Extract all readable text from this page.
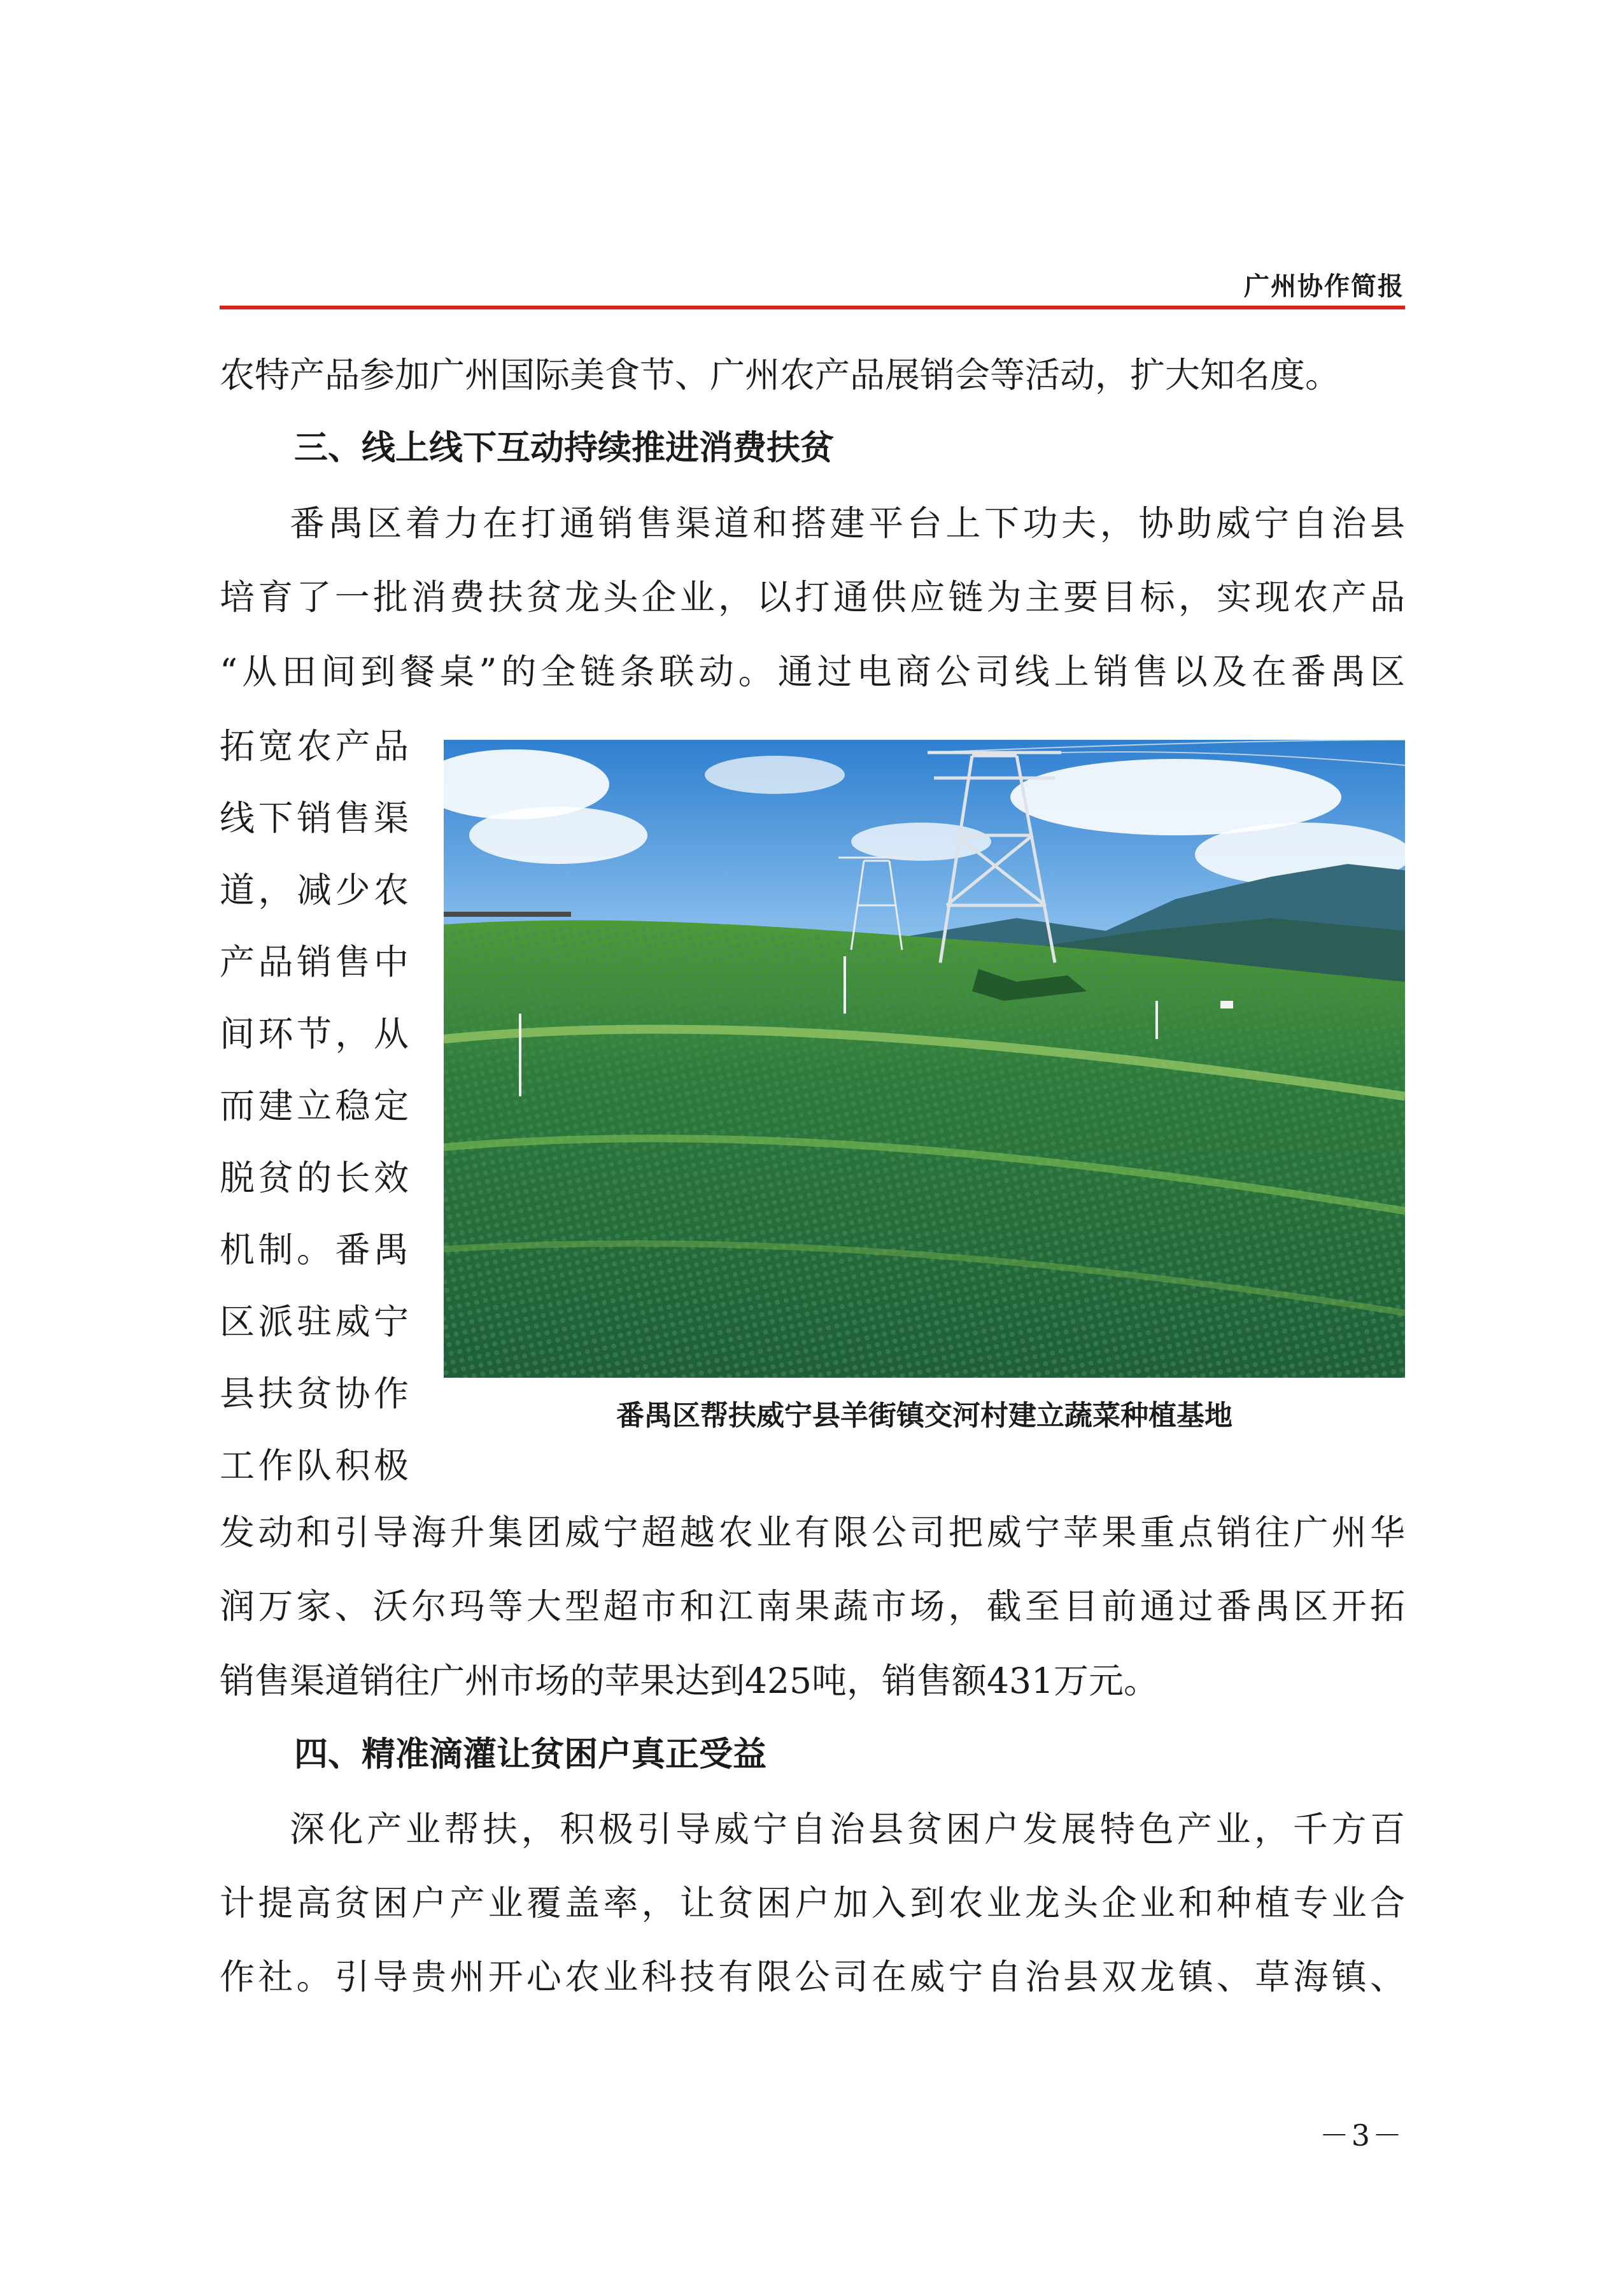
广州协作简报
农特产品参加广州国际美食节、广州农产品展销会等活动，扩大知名度。
三、线上线下互动持续推进消费扶贫
番禺区着力在打通销售渠道和搭建平台上下功夫，协助威宁自治县
培育了一批消费扶贫龙头企业，以打通供应链为主要目标，实现农产品
“从田间到餐桌”的全链条联动。通过电商公司线上销售以及在番禺区
拓宽农产品
线下销售渠
道，减少农
产品销售中
间环节，从
而建立稳定
脱贫的长效
机制。番禺
区派驻威宁
县扶贫协作
工作队积极
番禺区帮扶威宁县羊街镇交河村建立蔬菜种植基地
发动和引导海升集团威宁超越农业有限公司把威宁苹果重点销往广州华
润万家、沃尔玛等大型超市和江南果蔬市场，截至目前通过番禺区开拓
销售渠道销往广州市场的苹果达到425吨，销售额431万元。
四、精准滴灌让贫困户真正受益
深化产业帮扶，积极引导威宁自治县贫困户发展特色产业，千方百
计提高贫困户产业覆盖率，让贫困户加入到农业龙头企业和种植专业合
作社。引导贵州开心农业科技有限公司在威宁自治县双龙镇、草海镇、
－3－
